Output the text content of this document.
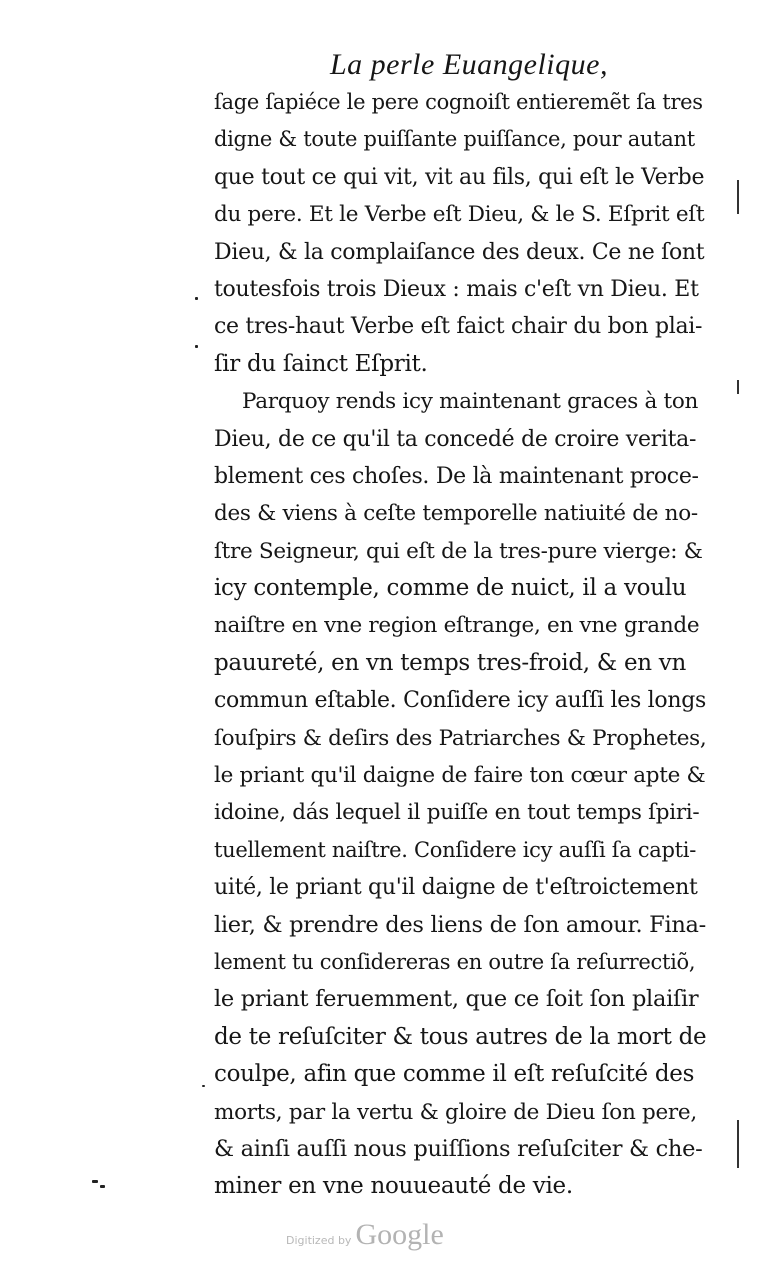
La perle Euangelique,
ſage ſapiéce le pere cognoiſt entieremẽt ſa tres
digne & toute puiſſante puiſſance, pour autant
que tout ce qui vit, vit au fils, qui eſt le Verbe
du pere. Et le Verbe eſt Dieu, & le S. Eſprit eſt
Dieu, & la complaiſance des deux. Ce ne ſont
toutesfois trois Dieux : mais c'eſt vn Dieu. Et
ce tres-haut Verbe eſt faict chair du bon plai-
ſir du ſainct Eſprit.
Parquoy rends icy maintenant graces à ton
Dieu, de ce qu'il ta concedé de croire verita-
blement ces choſes. De là maintenant proce-
des & viens à ceſte temporelle natiuité de no-
ſtre Seigneur, qui eſt de la tres-pure vierge: &
icy contemple, comme de nuict, il a voulu
naiſtre en vne region eſtrange, en vne grande
pauureté, en vn temps tres-froid, & en vn
commun eſtable. Conſidere icy auſſi les longs
ſouſpirs & deſirs des Patriarches & Prophetes,
le priant qu'il daigne de faire ton cœur apte &
idoine, dás lequel il puiſſe en tout temps ſpiri-
tuellement naiſtre. Conſidere icy auſſi ſa capti-
uité, le priant qu'il daigne de t'eſtroictement
lier, & prendre des liens de ſon amour. Fina-
lement tu conſidereras en outre ſa reſurrectiõ,
le priant feruemment, que ce ſoit ſon plaiſir
de te reſuſciter & tous autres de la mort de
coulpe, afin que comme il eſt reſuſcité des
morts, par la vertu & gloire de Dieu ſon pere,
& ainſi auſſi nous puiſſions reſuſciter & che-
miner en vne nouueauté de vie.
Digitized by Google
